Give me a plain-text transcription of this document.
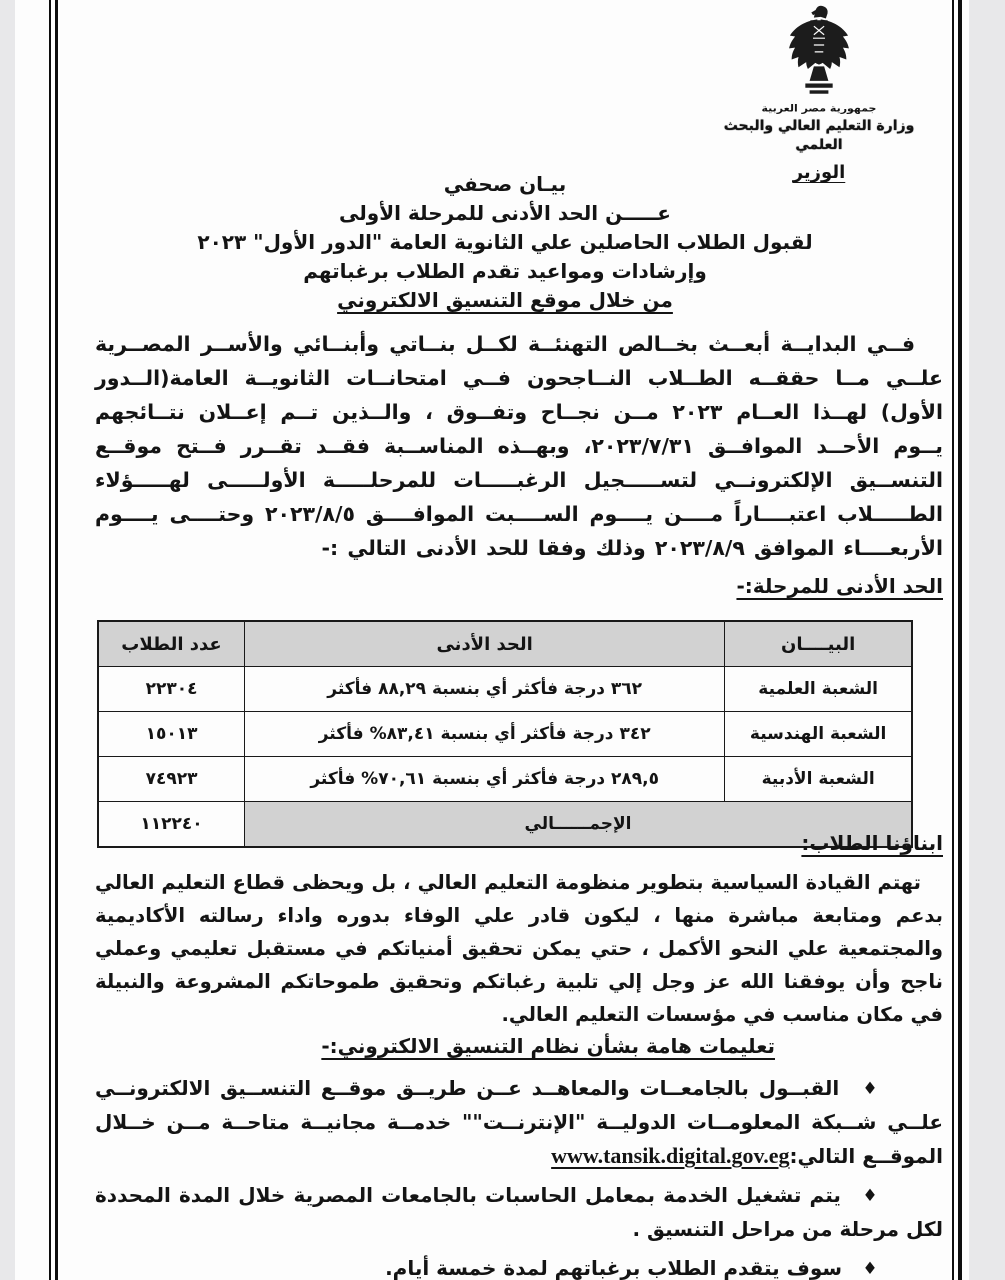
جمهورية مصر العربية
وزارة التعليم العالي والبحث العلمي
الوزير
بيـان صحفي
عـــــن الحد الأدنى للمرحلة الأولى
لقبول الطلاب الحاصلين علي الثانوية العامة "الدور الأول" ٢٠٢٣
وإرشادات ومواعيد تقدم الطلاب برغباتهم
من خلال موقع التنسيق الالكتروني
فــي البدايــة أبعــث بخــالص التهنئــة لكــل بنــاتي وأبنــائي والأســر المصــرية علــي مــا حققــه الطــلاب النــاجحون فــي امتحانــات الثانويــة العامة(الــدور الأول) لهــذا العــام ٢٠٢٣ مــن نجــاح وتفــوق ، والــذين تــم إعــلان نتــائجهم يــوم الأحــد الموافــق ٢٠٢٣/٧/٣١، وبهــذه المناســبة فقــد تقــرر فــتح موقــع التنســيق الإلكترونــي لتســـــجيل الرغبـــــات للمرحلـــــة الأولـــــى لهـــــؤلاء الطـــــلاب اعتبــــاراً مــــن يــــوم الســــبت الموافــــق ٢٠٢٣/٨/٥ وحتــــى يــــوم الأربعــــاء الموافق ٢٠٢٣/٨/٩ وذلك وفقا للحد الأدنى التالي :-
الحد الأدنى للمرحلة:-
البيــــان	الحد الأدنى	عدد الطلاب
الشعبة العلمية	٣٦٢ درجة فأكثر أي بنسبة ٨٨,٢٩ فأكثر	٢٢٣٠٤
الشعبة الهندسية	٣٤٢ درجة فأكثر أي بنسبة ٨٣,٤١% فأكثر	١٥٠١٣
الشعبة الأدبية	٢٨٩,٥ درجة فأكثر أي بنسبة ٧٠,٦١% فأكثر	٧٤٩٢٣
الإجمــــــالي		١١٢٢٤٠
ابناؤنا الطلاب:
تهتم القيادة السياسية بتطوير منظومة التعليم العالي ، بل ويحظى قطاع التعليم العالي بدعم ومتابعة مباشرة منها ، ليكون قادر علي الوفاء بدوره واداء رسالته الأكاديمية والمجتمعية علي النحو الأكمل ، حتي يمكن تحقيق أمنياتكم في مستقبل تعليمي وعملي ناجح وأن يوفقنا الله عز وجل إلي تلبية رغباتكم وتحقيق طموحاتكم المشروعة والنبيلة في مكان مناسب في مؤسسات التعليم العالي.
تعليمات هامة بشأن نظام التنسيق الالكتروني:-
♦ القبــول بالجامعــات والمعاهــد عــن طريــق موقــع التنســيق الالكترونــي علــي شــبكة المعلومــات الدوليــة "الإنترنــت"" خدمــة مجانيــة متاحــة مــن خــلال الموقــع التالي:www.tansik.digital.gov.eg
♦ يتم تشغيل الخدمة بمعامل الحاسبات بالجامعات المصرية خلال المدة المحددة لكل مرحلة من مراحل التنسيق .
♦ سوف يتقدم الطلاب برغباتهم لمدة خمسة أيام.
